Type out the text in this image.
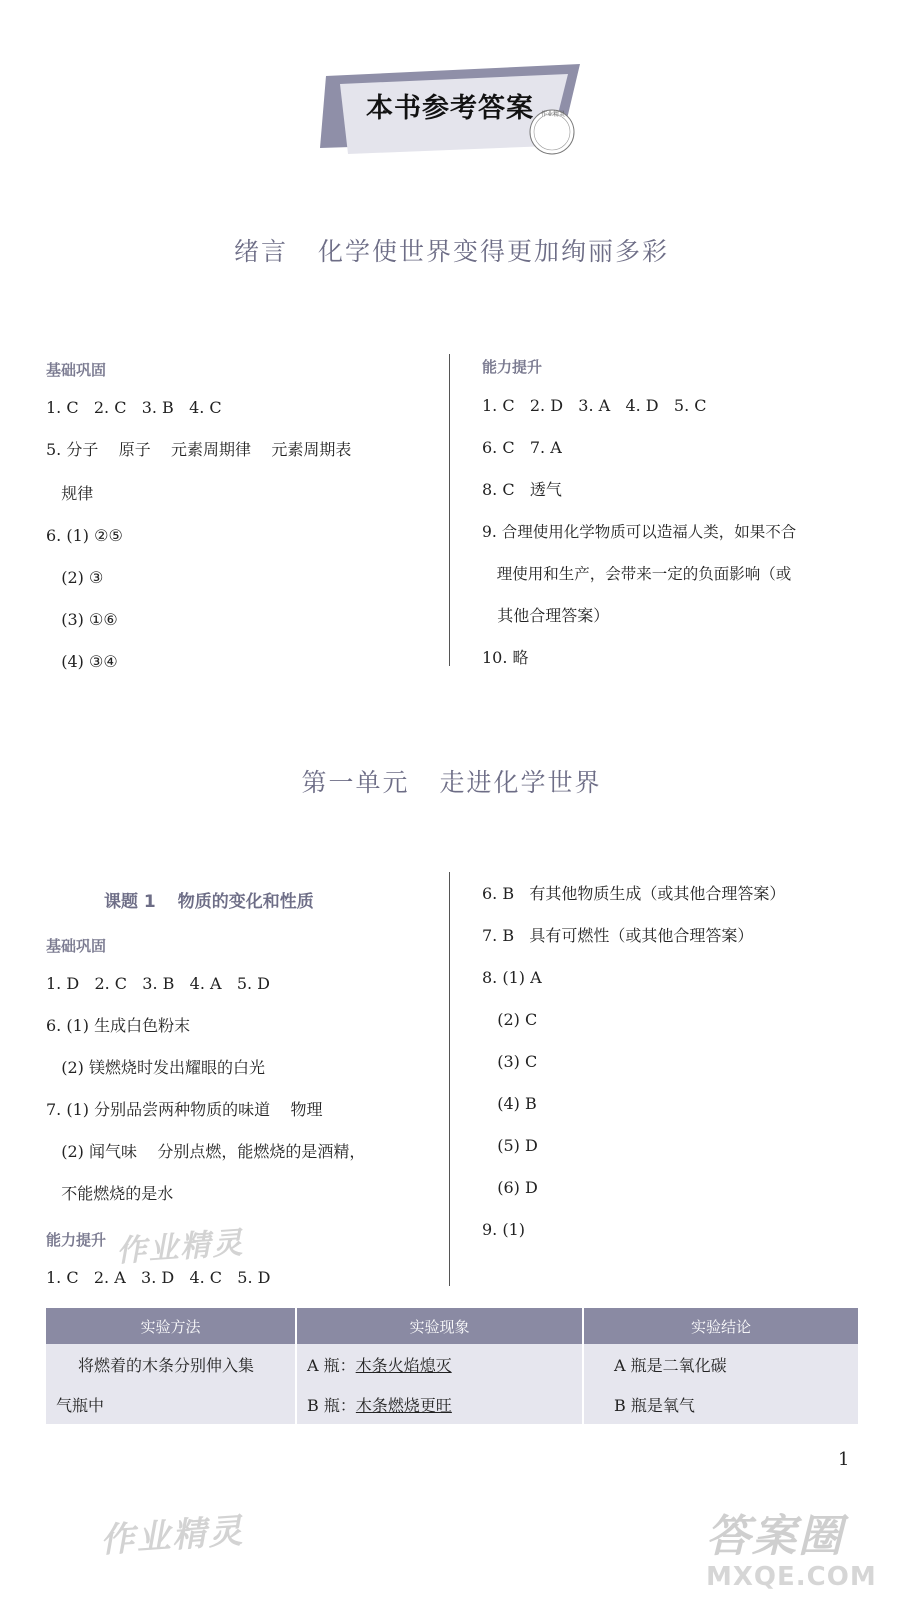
本书参考答案	作业精灵
绪言 化学使世界变得更加绚丽多彩
基础巩固
1. C   2. C   3. B   4. C
5. 分子    原子    元素周期律    元素周期表
规律
6. (1) ②⑤
(2) ③
(3) ①⑥
(4) ③④
能力提升
1. C   2. D   3. A   4. D   5. C
6. C   7. A
8. C   透气
9. 合理使用化学物质可以造福人类，如果不合
理使用和生产，会带来一定的负面影响（或
其他合理答案）
10. 略
第一单元 走进化学世界
课题 1 物质的变化和性质
基础巩固
1. D   2. C   3. B   4. A   5. D
6. (1) 生成白色粉末
(2) 镁燃烧时发出耀眼的白光
7. (1) 分别品尝两种物质的味道    物理
(2) 闻气味    分别点燃，能燃烧的是酒精，
不能燃烧的是水
能力提升
1. C   2. A   3. D   4. C   5. D
6. B   有其他物质生成（或其他合理答案）
7. B   具有可燃性（或其他合理答案）
8. (1) A
(2) C
(3) C
(4) B
(5) D
(6) D
9. (1)
实验方法	实验现象	实验结论
将燃着的木条分别伸入集	A 瓶：木条火焰熄灭	A 瓶是二氧化碳
气瓶中	B 瓶：木条燃烧更旺	B 瓶是氧气
1
作业精灵
作业精灵	答案圈
MXQE.COM
